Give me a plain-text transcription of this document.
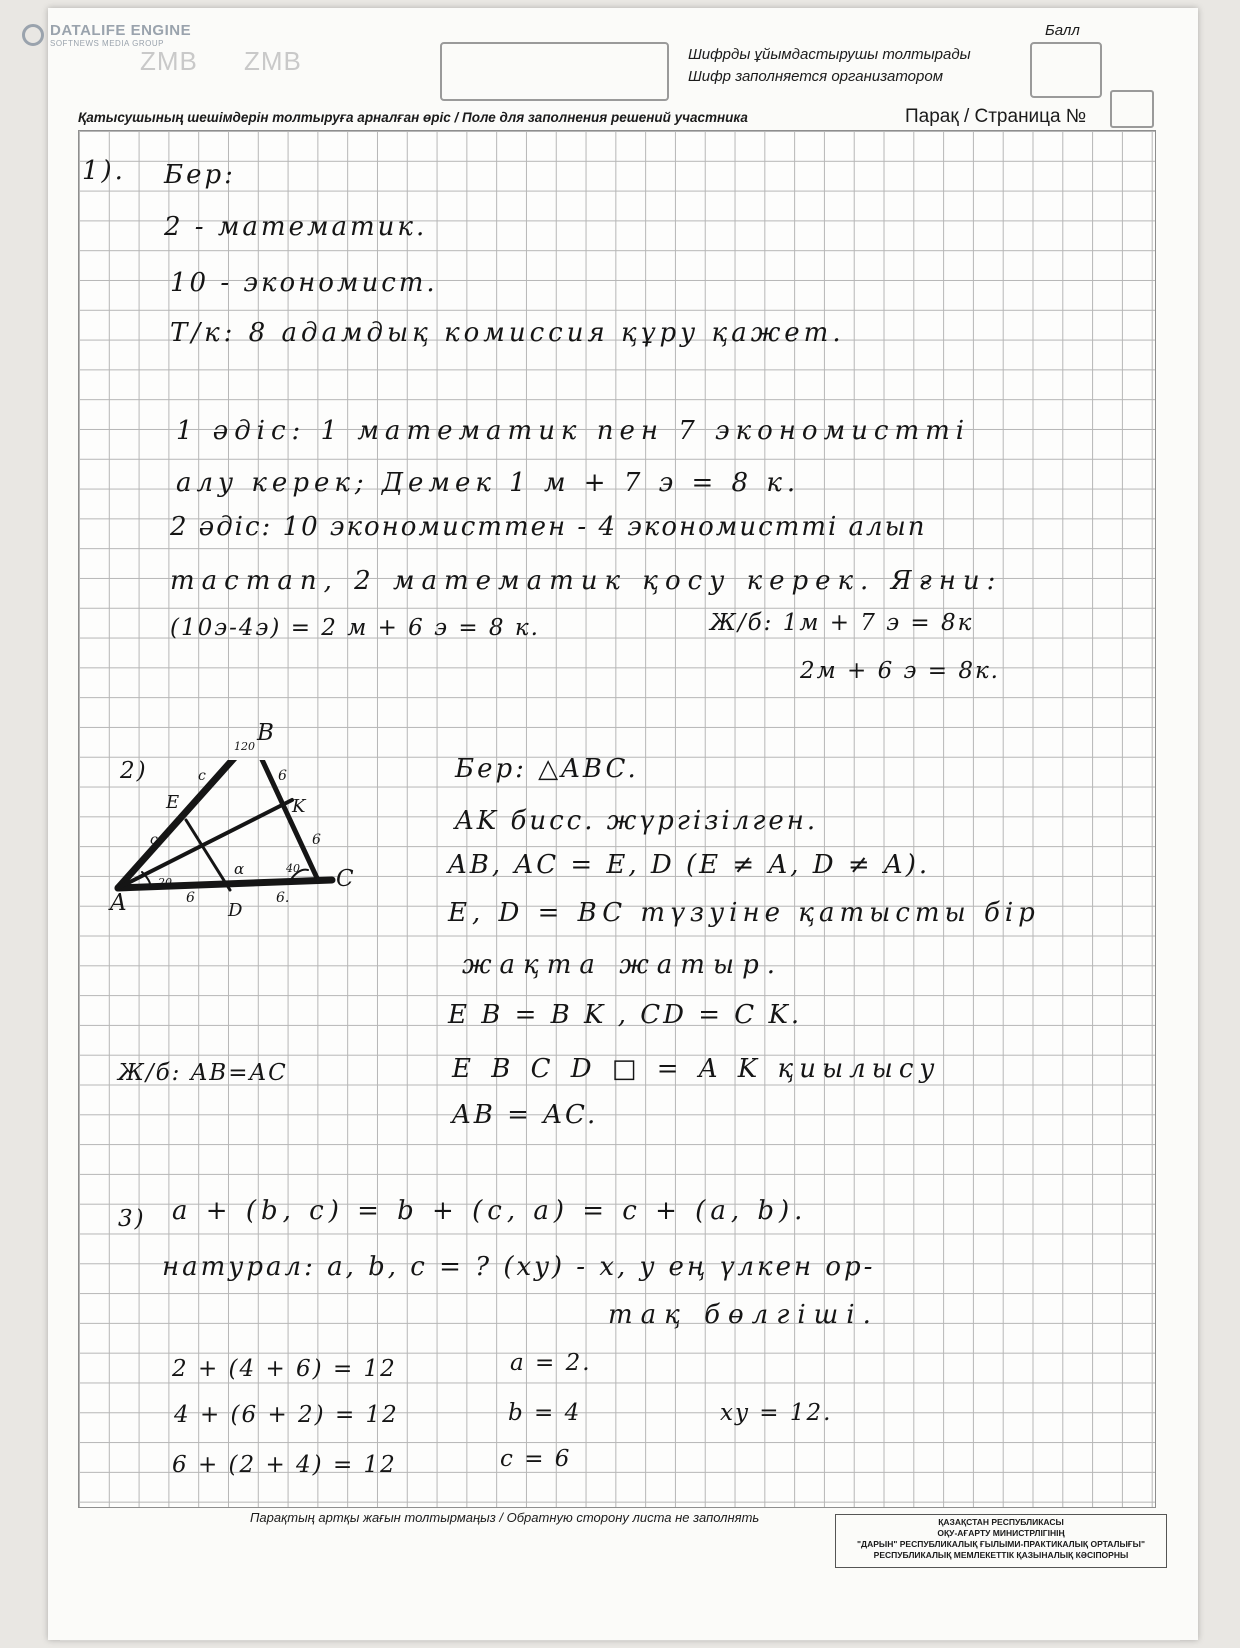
DATALIFE ENGINE
SOFTNEWS MEDIA GROUP
ZMB ZMB	Шифрды ұйымдастырушы толтырады
Шифр заполняется организатором
Балл
Қатысушының шешімдерін толтыруға арналған өріс / Поле для заполнения решений участника	Парақ / Страница №
1). Бер:
2 - математик.
10 - экономист.
Т/к: 8 адамдық комиссия құру қажет.
1 әдіс: 1 математик пен 7 экономистті
алу керек; Демек 1 м + 7 э = 8 к.
2 әдіс: 10 экономисттен - 4 экономистті алып
тастап, 2 математик қосу керек. Яғни:
(10э-4э) = 2 м + 6 э = 8 к.	Ж/б: 1м + 7 э = 8к
2м + 6 э = 8к.
2)
B
C
A	D
E	K
120
c
c
6
6
6	6.
20
40
α
Бер: △ABC.
AK бисс. жүргізілген.
AB, AC = E, D (E ≠ A, D ≠ A).
E, D = BC түзуіне қатысты бір
жақта жатыр.
E B = B K , CD = C K.
E B C D □ = A K қиылысу
AB = AC.
Ж/б: AB=AC
3) a + (b, c) = b + (c, a) = c + (a, b).
натурал: a, b, c = ? (xy) - x, y ең үлкен ор-
тақ бөлгіші.
2 + (4 + 6) = 12
4 + (6 + 2) = 12
6 + (2 + 4) = 12
a = 2.
b = 4
c = 6
xy = 12.
Парақтың артқы жағын толтырмаңыз / Обратную сторону листа не заполнять	ҚАЗАҚСТАН РЕСПУБЛИКАСЫ
ОҚУ-АҒАРТУ МИНИСТРЛІГІНІҢ
"ДАРЫН" РЕСПУБЛИКАЛЫҚ ҒЫЛЫМИ-ПРАКТИКАЛЫҚ ОРТАЛЫҒЫ"
РЕСПУБЛИКАЛЫҚ МЕМЛЕКЕТТІК ҚАЗЫНАЛЫҚ КӘСІПОРНЫ
